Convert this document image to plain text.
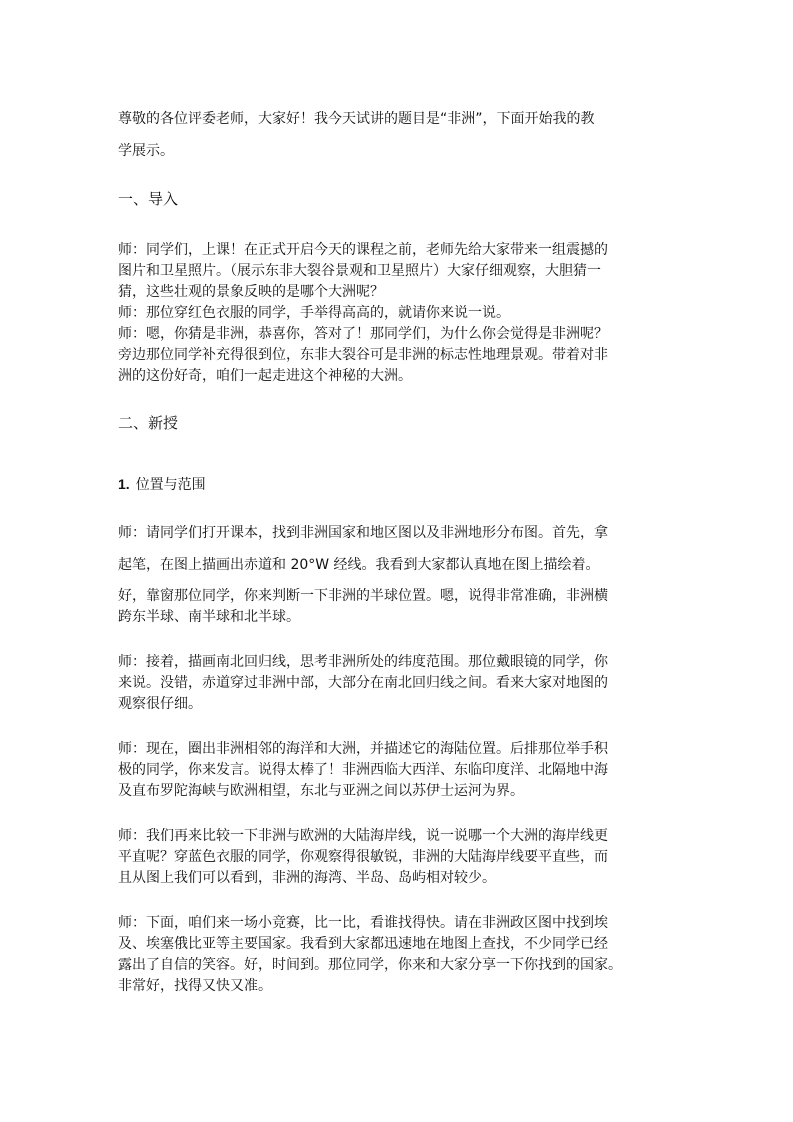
尊敬的各位评委老师，大家好！我今天试讲的题目是“非洲”，下面开始我的教

学展示。

一、导入

师：同学们，上课！在正式开启今天的课程之前，老师先给大家带来一组震撼的

图片和卫星照片。（展示东非大裂谷景观和卫星照片）大家仔细观察，大胆猜一

猜，这些壮观的景象反映的是哪个大洲呢？

师：那位穿红色衣服的同学，手举得高高的，就请你来说一说。

师：嗯，你猜是非洲，恭喜你，答对了！那同学们，为什么你会觉得是非洲呢？

旁边那位同学补充得很到位，东非大裂谷可是非洲的标志性地理景观。带着对非

洲的这份好奇，咱们一起走进这个神秘的大洲。

二、新授
1. 位置与范围

师：请同学们打开课本，找到非洲国家和地区图以及非洲地形分布图。首先，拿

起笔，在图上描画出赤道和 20°W 经线。我看到大家都认真地在图上描绘着。

好，靠窗那位同学，你来判断一下非洲的半球位置。嗯，说得非常准确，非洲横

跨东半球、南半球和北半球。

师：接着，描画南北回归线，思考非洲所处的纬度范围。那位戴眼镜的同学，你

来说。没错，赤道穿过非洲中部，大部分在南北回归线之间。看来大家对地图的

观察很仔细。

师：现在，圈出非洲相邻的海洋和大洲，并描述它的海陆位置。后排那位举手积

极的同学，你来发言。说得太棒了！非洲西临大西洋、东临印度洋、北隔地中海

及直布罗陀海峡与欧洲相望，东北与亚洲之间以苏伊士运河为界。

师：我们再来比较一下非洲与欧洲的大陆海岸线，说一说哪一个大洲的海岸线更

平直呢？穿蓝色衣服的同学，你观察得很敏锐，非洲的大陆海岸线要平直些，而

且从图上我们可以看到，非洲的海湾、半岛、岛屿相对较少。

师：下面，咱们来一场小竞赛，比一比，看谁找得快。请在非洲政区图中找到埃

及、埃塞俄比亚等主要国家。我看到大家都迅速地在地图上查找，不少同学已经

露出了自信的笑容。好，时间到。那位同学，你来和大家分享一下你找到的国家。

非常好，找得又快又准。
